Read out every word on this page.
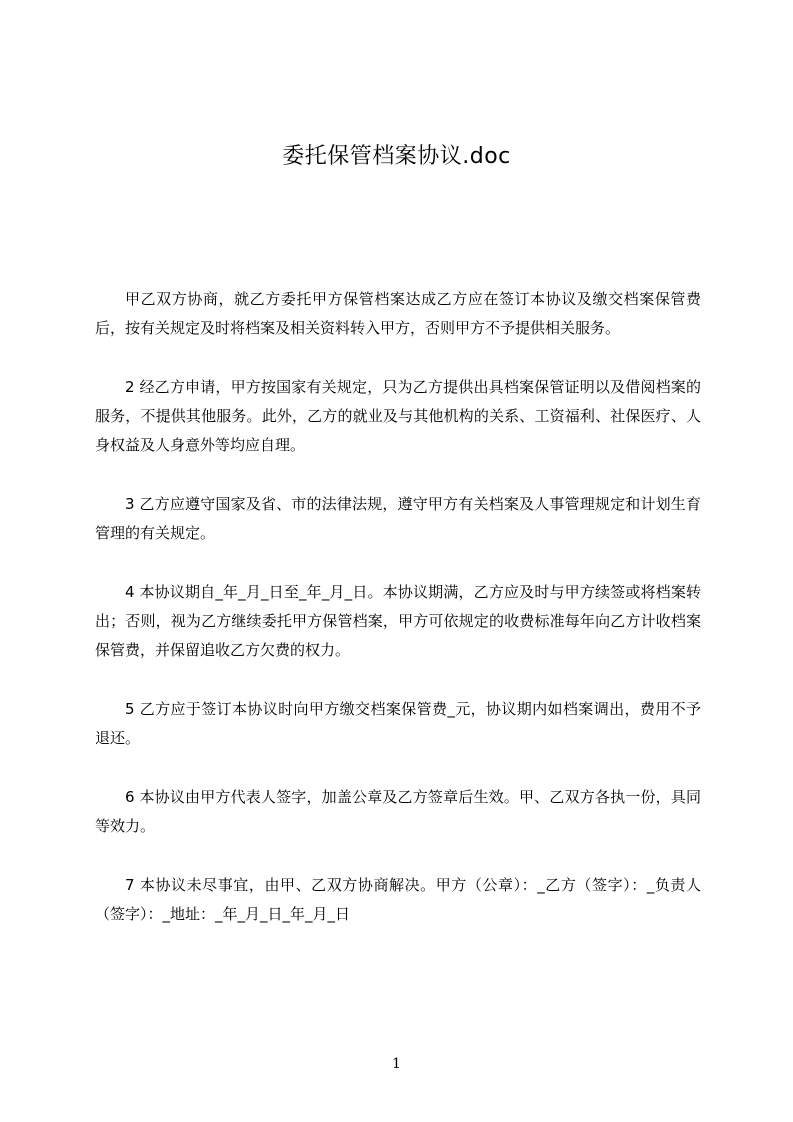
委托保管档案协议.doc

甲乙双方协商，就乙方委托甲方保管档案达成乙方应在签订本协议及缴交档案保管费后，按有关规定及时将档案及相关资料转入甲方，否则甲方不予提供相关服务。

2 经乙方申请，甲方按国家有关规定，只为乙方提供出具档案保管证明以及借阅档案的服务，不提供其他服务。此外，乙方的就业及与其他机构的关系、工资福利、社保医疗、人身权益及人身意外等均应自理。

3 乙方应遵守国家及省、市的法律法规，遵守甲方有关档案及人事管理规定和计划生育管理的有关规定。

4 本协议期自_年_月_日至_年_月_日。本协议期满，乙方应及时与甲方续签或将档案转出；否则，视为乙方继续委托甲方保管档案，甲方可依规定的收费标准每年向乙方计收档案保管费，并保留追收乙方欠费的权力。

5 乙方应于签订本协议时向甲方缴交档案保管费_元，协议期内如档案调出，费用不予退还。

6 本协议由甲方代表人签字，加盖公章及乙方签章后生效。甲、乙双方各执一份，具同等效力。

7 本协议未尽事宜，由甲、乙双方协商解决。甲方（公章）：_乙方（签字）：_负责人（签字）：_地址：_年_月_日_年_月_日

1
